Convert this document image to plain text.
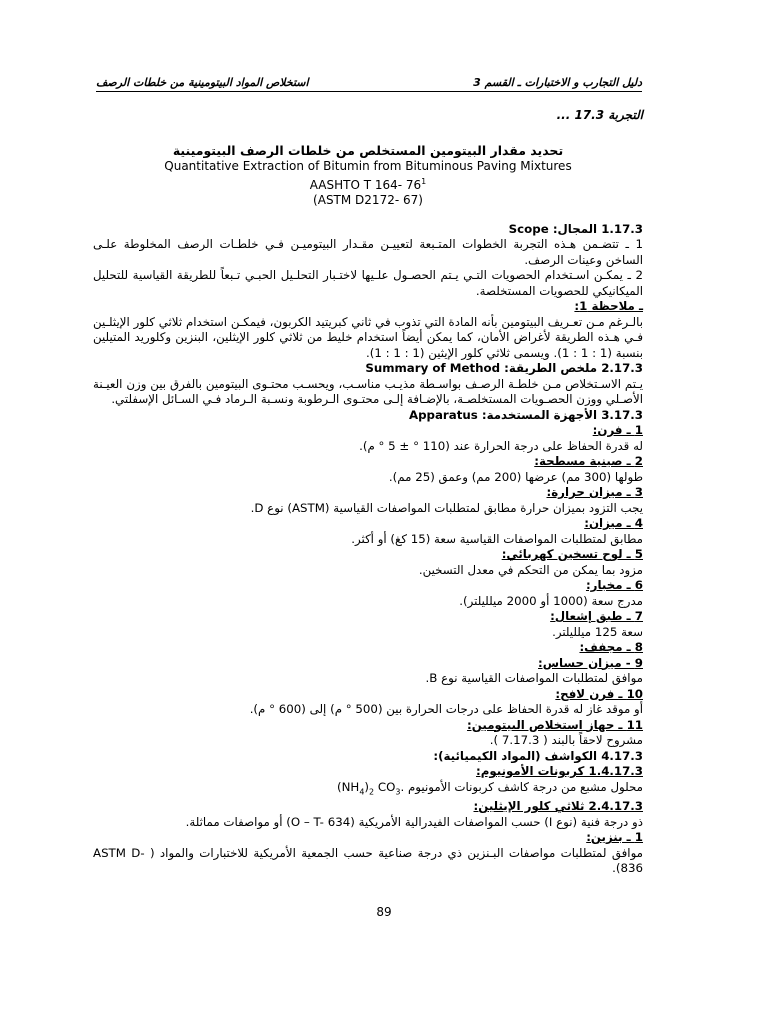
استخلاص المواد البيتومينية من خلطات الرصف	دليل التجارب و الاختبارات ـ القسم 3
التجربة 17.3 ...
تحديد مقدار البيتومين المستخلص من خلطات الرصف البيتومينية
Quantitative Extraction of Bitumin from Bituminous Paving Mixtures
AASHTO T 164- $76^1$
(ASTM D2172- 67)
1.17.3 المجال: Scope
1 ـ تتضـمن هـذه التجربة الخطوات المتـبعة لتعييـن مقـدار البيتوميـن فـي خلطـات الرصف المخلوطة علـى الساخن وعينات الرصف.
2 ـ يمكـن اسـتخدام الحصويات التـي يـتم الحصـول علـيها لاختـبار التحلـيل الحبـي تـبعاً للطريقة القياسية للتحليل الميكانيكي للحصويات المستخلصة.
ـ ملاحظة 1:
بالـرغم مـن تعـريف البيتومين بأنه المادة التي تذوب في ثاني كبريتيد الكربون، فيمكـن استخدام ثلاثي كلور الإيثلـين فـي هـذه الطريقة لأغراض الأمان، كما يمكن أيضاً استخدام خليط من ثلاثي كلور الإيثلين، البنزين وكلوريد المتيلين بنسبة (1 : 1 : 1). ويسمى ثلاثي كلور الإيثين (1 : 1 : 1).
2.17.3 ملخص الطريقة: Summary of Method
يـتم الاسـتخلاص مـن خلطـة الرصـف بواسـطة مذيـب مناسـب، ويحسـب محتـوى البيتومين بالفرق بين وزن العيـنة الأصـلي ووزن الحصـويات المستخلصـة، بالإضـافة إلـى محتـوى الـرطوبة ونسـبة الـرماد فـي السـائل الإسفلتي.
3.17.3 الأجهزة المستخدمة: Apparatus
1 ـ فرن:
له قدرة الحفاظ على درجة الحرارة عند (110 ° ± 5 ° م).
2 ـ صينية مسطحة:
طولها (300 مم) عرضها (200 مم) وعمق (25 مم).
3 ـ ميزان حرارة:
يجب التزود بميزان حرارة مطابق لمتطلبات المواصفات القياسية (ASTM) نوع D.
4 ـ ميزان:
مطابق لمتطلبات المواصفات القياسية سعة (15 كغ) أو أكثر.
5 ـ لوح تسخين كهربائي:
مزود بما يمكن من التحكم في معدل التسخين.
6 ـ مخبار:
مدرج سعة (1000 أو 2000 ميلليلتر).
7 ـ طبق إشعال:
سعة 125 ميلليلتر.
8 ـ مجفف:
9 - ميزان حساس:
موافق لمتطلبات المواصفات القياسية نوع B.
10 ـ فرن لافح:
أو موقد غاز له قدرة الحفاظ على درجات الحرارة بين (500 ° م) إلى (600 ° م).
11 ـ جهاز استخلاص البيتومين:
مشروح لاحقاً بالبند ( 7.17.3 ).
4.17.3 الكواشف (المواد الكيميائية):
1.4.17.3 كربونات الأمونيوم:
محلول مشبع من درجة كاشف كربونات الأمونيوم $(NH_4)_2$ $CO_3$.
2.4.17.3 ثلاثي كلور الإيثلين:
ذو درجة فنية (نوع I) حسب المواصفات الفيدرالية الأمريكية (O – T- 634) أو مواصفات مماثلة.
1 ـ بنزين:
موافق لمتطلبات مواصفات البـنزين ذي درجة صناعية حسب الجمعية الأمريكية للاختبارات والمواد ( ASTM D- 836).
89
